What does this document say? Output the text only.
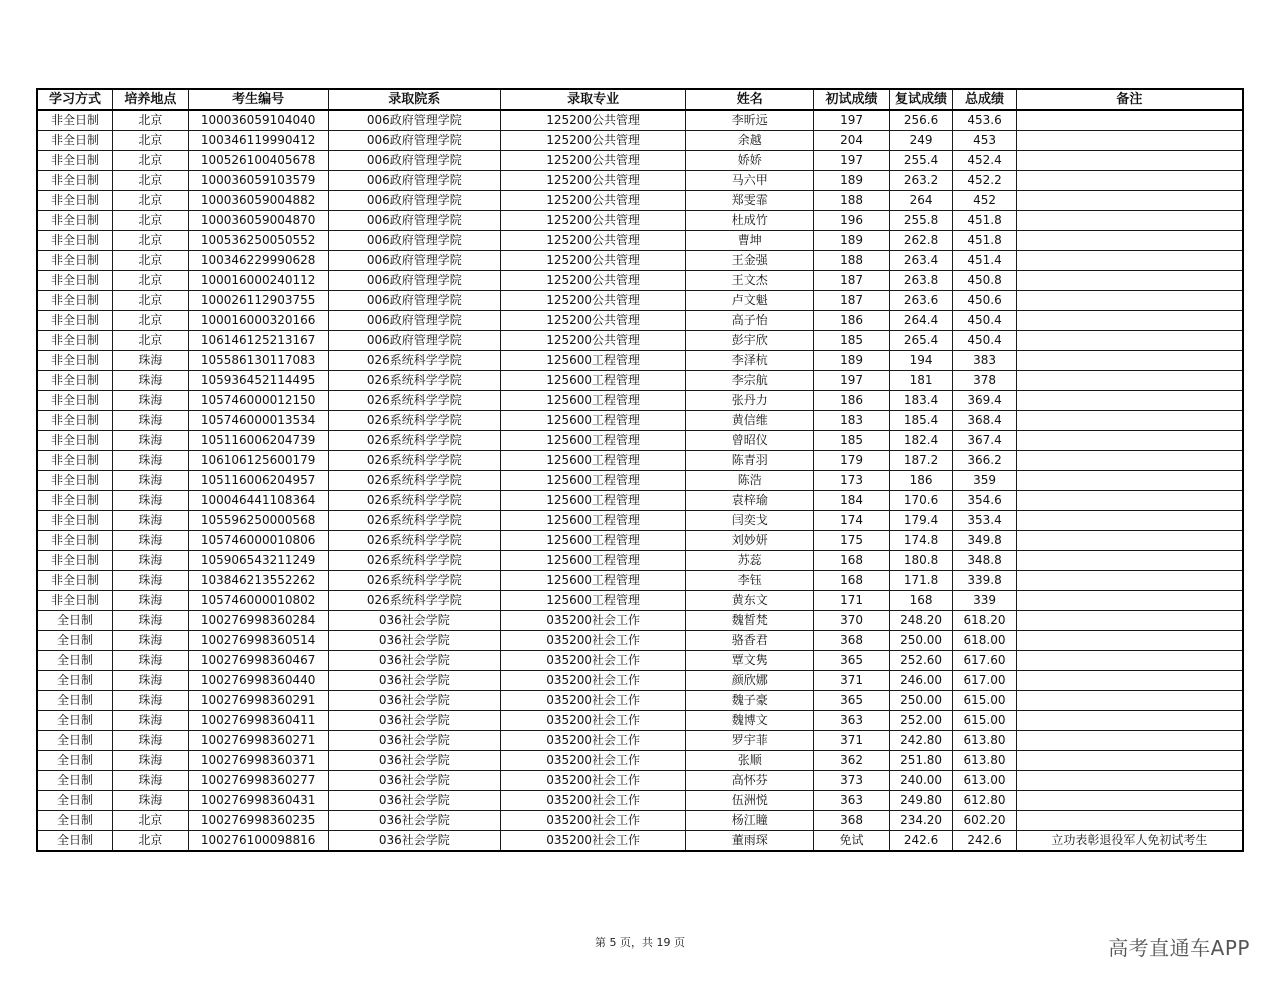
学习方式	培养地点	考生编号	录取院系	录取专业	姓名	初试成绩	复试成绩	总成绩	备注
非全日制	北京	100036059104040	006政府管理学院	125200公共管理	李昕远	197	256.6	453.6	
非全日制	北京	100346119990412	006政府管理学院	125200公共管理	余越	204	249	453	
非全日制	北京	100526100405678	006政府管理学院	125200公共管理	娇娇	197	255.4	452.4	
非全日制	北京	100036059103579	006政府管理学院	125200公共管理	马六甲	189	263.2	452.2	
非全日制	北京	100036059004882	006政府管理学院	125200公共管理	郑雯霏	188	264	452	
非全日制	北京	100036059004870	006政府管理学院	125200公共管理	杜成竹	196	255.8	451.8	
非全日制	北京	100536250050552	006政府管理学院	125200公共管理	曹坤	189	262.8	451.8	
非全日制	北京	100346229990628	006政府管理学院	125200公共管理	王金强	188	263.4	451.4	
非全日制	北京	100016000240112	006政府管理学院	125200公共管理	王文杰	187	263.8	450.8	
非全日制	北京	100026112903755	006政府管理学院	125200公共管理	卢文魁	187	263.6	450.6	
非全日制	北京	100016000320166	006政府管理学院	125200公共管理	高子怡	186	264.4	450.4	
非全日制	北京	106146125213167	006政府管理学院	125200公共管理	彭宇欣	185	265.4	450.4	
非全日制	珠海	105586130117083	026系统科学学院	125600工程管理	李泽杭	189	194	383	
非全日制	珠海	105936452114495	026系统科学学院	125600工程管理	李宗航	197	181	378	
非全日制	珠海	105746000012150	026系统科学学院	125600工程管理	张丹力	186	183.4	369.4	
非全日制	珠海	105746000013534	026系统科学学院	125600工程管理	黄信维	183	185.4	368.4	
非全日制	珠海	105116006204739	026系统科学学院	125600工程管理	曾昭仪	185	182.4	367.4	
非全日制	珠海	106106125600179	026系统科学学院	125600工程管理	陈青羽	179	187.2	366.2	
非全日制	珠海	105116006204957	026系统科学学院	125600工程管理	陈浩	173	186	359	
非全日制	珠海	100046441108364	026系统科学学院	125600工程管理	袁梓瑜	184	170.6	354.6	
非全日制	珠海	105596250000568	026系统科学学院	125600工程管理	闫奕戈	174	179.4	353.4	
非全日制	珠海	105746000010806	026系统科学学院	125600工程管理	刘妙妍	175	174.8	349.8	
非全日制	珠海	105906543211249	026系统科学学院	125600工程管理	苏蕊	168	180.8	348.8	
非全日制	珠海	103846213552262	026系统科学学院	125600工程管理	李钰	168	171.8	339.8	
非全日制	珠海	105746000010802	026系统科学学院	125600工程管理	黄东文	171	168	339	
全日制	珠海	100276998360284	036社会学院	035200社会工作	魏皙梵	370	248.20	618.20	
全日制	珠海	100276998360514	036社会学院	035200社会工作	骆香君	368	250.00	618.00	
全日制	珠海	100276998360467	036社会学院	035200社会工作	覃文隽	365	252.60	617.60	
全日制	珠海	100276998360440	036社会学院	035200社会工作	颜欣娜	371	246.00	617.00	
全日制	珠海	100276998360291	036社会学院	035200社会工作	魏子豪	365	250.00	615.00	
全日制	珠海	100276998360411	036社会学院	035200社会工作	魏博文	363	252.00	615.00	
全日制	珠海	100276998360271	036社会学院	035200社会工作	罗宇菲	371	242.80	613.80	
全日制	珠海	100276998360371	036社会学院	035200社会工作	张顺	362	251.80	613.80	
全日制	珠海	100276998360277	036社会学院	035200社会工作	高怀芬	373	240.00	613.00	
全日制	珠海	100276998360431	036社会学院	035200社会工作	伍洲悦	363	249.80	612.80	
全日制	北京	100276998360235	036社会学院	035200社会工作	杨江瞳	368	234.20	602.20	
全日制	北京	100276100098816	036社会学院	035200社会工作	董雨琛	免试	242.6	242.6	立功表彰退役军人免初试考生
第 5 页，共 19 页	高考直通车APP
